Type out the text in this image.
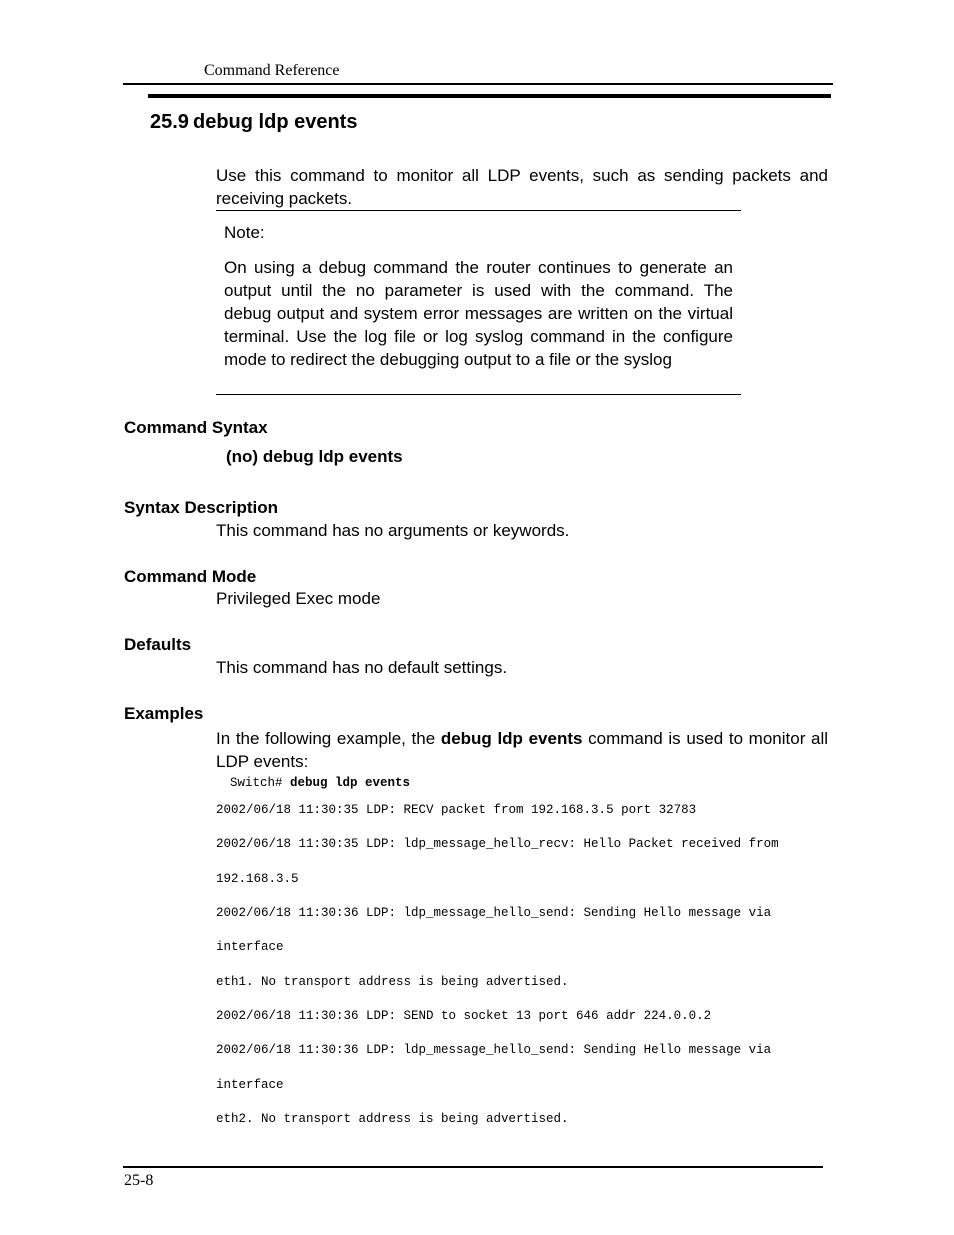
Command Reference
25.9 debug ldp events
Use this command to monitor all LDP events, such as sending packets and receiving packets.
Note:
On using a debug command the router continues to generate an output until the no parameter is used with the command. The debug output and system error messages are written on the virtual terminal. Use the log file or log syslog command in the configure mode to redirect the debugging output to a file or the syslog
Command Syntax
(no) debug ldp events
Syntax Description
This command has no arguments or keywords.
Command Mode
Privileged Exec mode
Defaults
This command has no default settings.
Examples
In the following example, the debug ldp events command is used to monitor all LDP events:
Switch# debug ldp events
2002/06/18 11:30:35 LDP: RECV packet from 192.168.3.5 port 32783
2002/06/18 11:30:35 LDP: ldp_message_hello_recv: Hello Packet received from
192.168.3.5
2002/06/18 11:30:36 LDP: ldp_message_hello_send: Sending Hello message via
interface
eth1. No transport address is being advertised.
2002/06/18 11:30:36 LDP: SEND to socket 13 port 646 addr 224.0.0.2
2002/06/18 11:30:36 LDP: ldp_message_hello_send: Sending Hello message via
interface
eth2. No transport address is being advertised.
25-8
